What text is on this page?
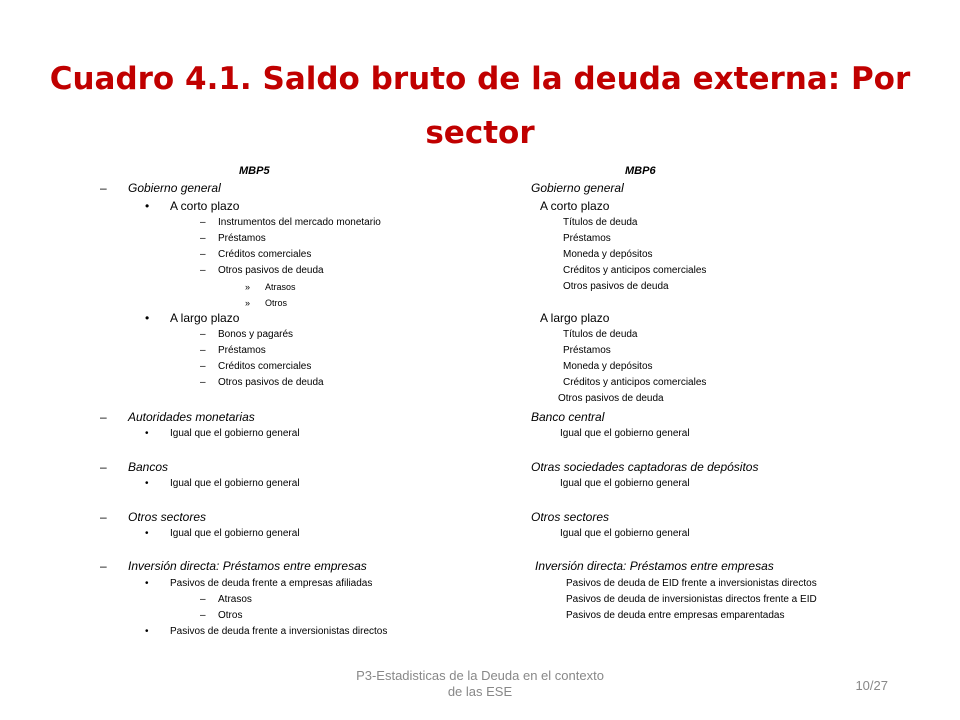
Cuadro 4.1. Saldo bruto de la deuda externa: Por sector
MBP5	MBP6
– Gobierno general
• A corto plazo
– Instrumentos del mercado monetario
– Préstamos
– Créditos comerciales
– Otros pasivos de deuda
» Atrasos
» Otros
• A largo plazo
– Bonos y pagarés
– Préstamos
– Créditos comerciales
– Otros pasivos de deuda
– Autoridades monetarias
• Igual que el gobierno general
– Bancos
• Igual que el gobierno general
– Otros sectores
• Igual que el gobierno general
– Inversión directa: Préstamos entre empresas
• Pasivos de deuda frente a empresas afiliadas
– Atrasos
– Otros
• Pasivos de deuda frente a inversionistas directos
Gobierno general
A corto plazo
Títulos de deuda
Préstamos
Moneda y depósitos
Créditos y anticipos comerciales
Otros pasivos de deuda
A largo plazo
Títulos de deuda
Préstamos
Moneda y depósitos
Créditos y anticipos comerciales
Otros pasivos de deuda
Banco central
Igual que el gobierno general
Otras sociedades captadoras de depósitos
Igual que el gobierno general
Otros sectores
Igual que el gobierno general
Inversión directa: Préstamos entre empresas
Pasivos de deuda de EID frente a inversionistas directos
Pasivos de deuda de inversionistas directos frente a EID
Pasivos de deuda entre empresas emparentadas
P3-Estadisticas de la Deuda en el contexto de las ESE	10/27
